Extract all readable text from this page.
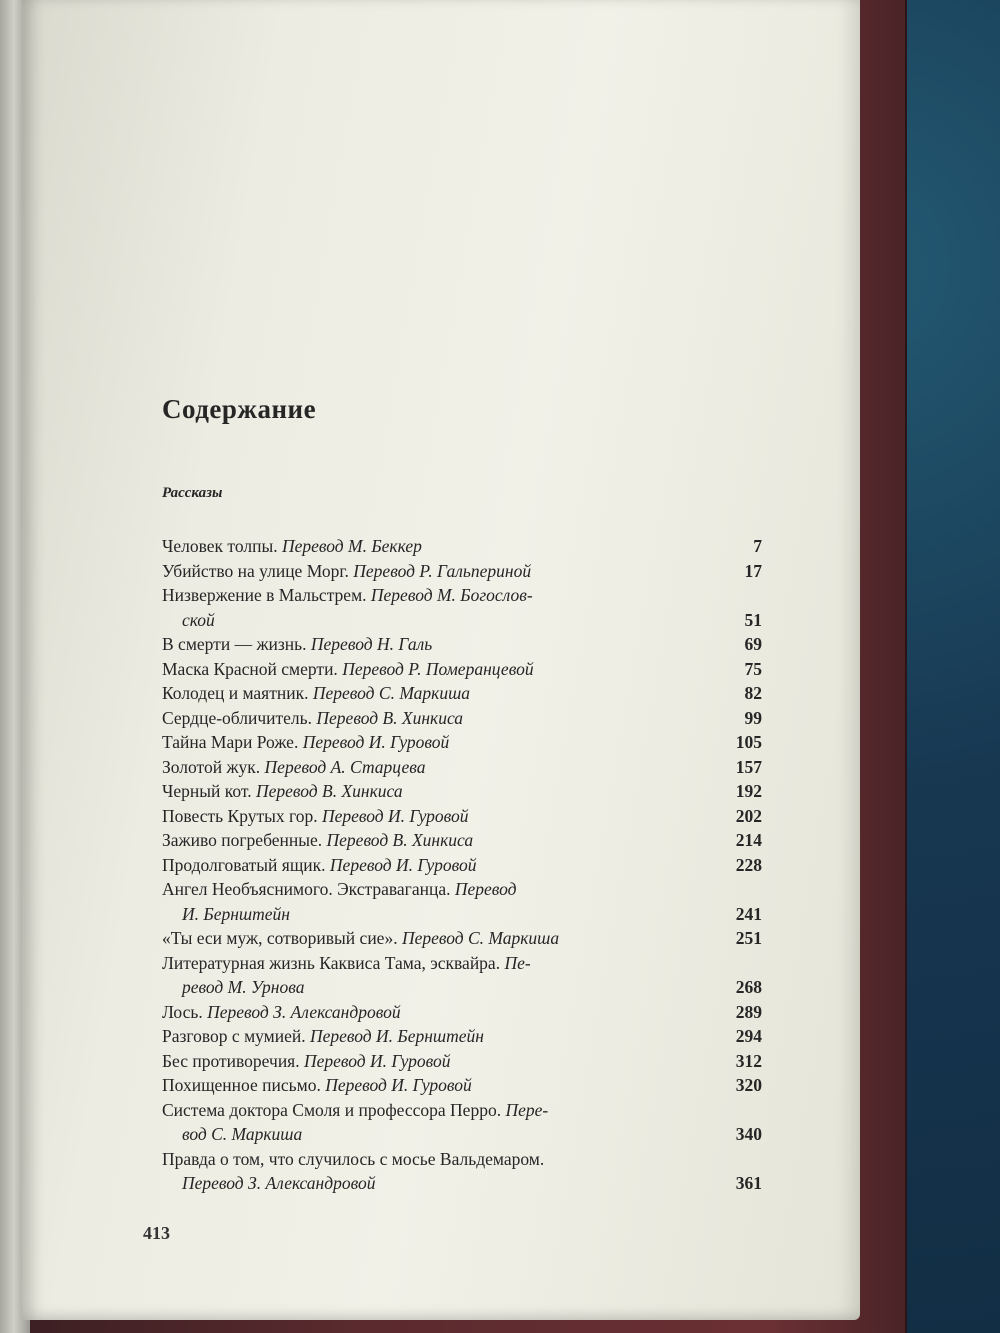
Содержание
Рассказы
Человек толпы. Перевод М. Беккер	7
Убийство на улице Морг. Перевод Р. Гальпериной	17
Низвержение в Мальстрем. Перевод М. Богослов-
ской	51
В смерти — жизнь. Перевод Н. Галь	69
Маска Красной смерти. Перевод Р. Померанцевой	75
Колодец и маятник. Перевод С. Маркиша	82
Сердце-обличитель. Перевод В. Хинкиса	99
Тайна Мари Роже. Перевод И. Гуровой	105
Золотой жук. Перевод А. Старцева	157
Черный кот. Перевод В. Хинкиса	192
Повесть Крутых гор. Перевод И. Гуровой	202
Заживо погребенные. Перевод В. Хинкиса	214
Продолговатый ящик. Перевод И. Гуровой	228
Ангел Необъяснимого. Экстраваганца. Перевод
И. Бернштейн	241
«Ты еси муж, сотворивый сие». Перевод С. Маркиша	251
Литературная жизнь Каквиса Тама, эсквайра. Пе-
ревод М. Урнова	268
Лось. Перевод З. Александровой	289
Разговор с мумией. Перевод И. Бернштейн	294
Бес противоречия. Перевод И. Гуровой	312
Похищенное письмо. Перевод И. Гуровой	320
Система доктора Смоля и профессора Перро. Пере-
вод С. Маркиша	340
Правда о том, что случилось с мосье Вальдемаром.
Перевод З. Александровой	361
413
